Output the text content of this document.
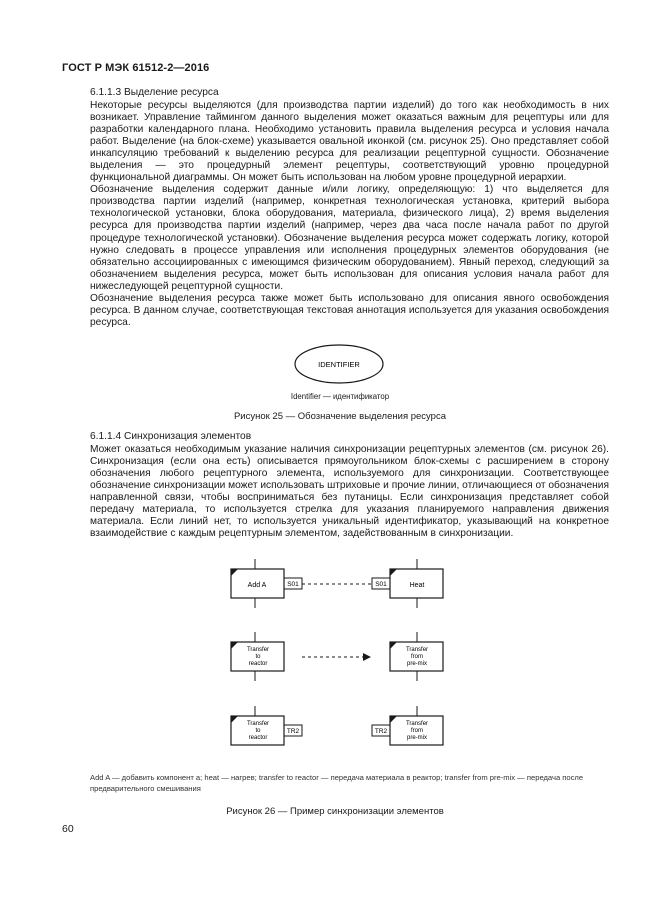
ГОСТ Р МЭК 61512-2—2016
6.1.1.3 Выделение ресурса

Некоторые ресурсы выделяются (для производства партии изделий) до того как необходимость в них возникает. Управление таймингом данного выделения может оказаться важным для рецептуры или для разработки календарного плана. Необходимо установить правила выделения ресурса и условия начала работ. Выделение (на блок-схеме) указывается овальной иконкой (см. рисунок 25). Оно представляет собой инкапсуляцию требований к выделению ресурса для реализации рецептурной сущности. Обозначение выделения — это процедурный элемент рецептуры, соответствующий уровню процедурной функциональной диаграммы. Он может быть использован на любом уровне процедурной иерархии.

Обозначение выделения содержит данные и/или логику, определяющую: 1) что выделяется для производства партии изделий (например, конкретная технологическая установка, критерий выбора технологической установки, блока оборудования, материала, физического лица), 2) время выделения ресурса для производства партии изделий (например, через два часа после начала работ по другой процедуре технологической установки). Обозначение выделения ресурса может содержать логику, которой нужно следовать в процессе управления или исполнения процедурных элементов оборудования (не обязательно ассоциированных с имеющимся физическим оборудованием). Явный переход, следующий за обозначением выделения ресурса, может быть использован для описания условия начала работ для нижеследующей рецептурной сущности.

Обозначение выделения ресурса также может быть использовано для описания явного освобождения ресурса. В данном случае, соответствующая текстовая аннотация используется для указания освобождения ресурса.

IDENTIFIER
Identifier — идентификатор
Рисунок 25 — Обозначение выделения ресурса
6.1.1.4 Синхронизация элементов
Может оказаться необходимым указание наличия синхронизации рецептурных элементов (см. рисунок 26). Синхронизация (если она есть) описывается прямоугольником блок-схемы с расширением в сторону обозначения любого рецептурного элемента, используемого для синхронизации. Соответствующее обозначение синхронизации может использовать штриховые и прочие линии, отличающиеся от обозначения направленной связи, чтобы восприниматься без путаницы. Если синхронизация представляет собой передачу материала, то используется стрелка для указания планируемого направления движения материала. Если линий нет, то используется уникальный идентификатор, указывающий на конкретное взаимодействие с каждым рецептурным элементом, задействованным в синхронизации.
Add A	S01	S01	Heat
Transfer
to
reactor
Transfer
from
pre-mix
Transfer
to
reactor
TR2	TR2
Transfer
from
pre-mix
Add A — добавить компонент а; heat — нагрев; transfer to reactor — передача материала в реактор; transfer from pre-mix — передача после предварительного смешивания
Рисунок 26 — Пример синхронизации элементов
60
